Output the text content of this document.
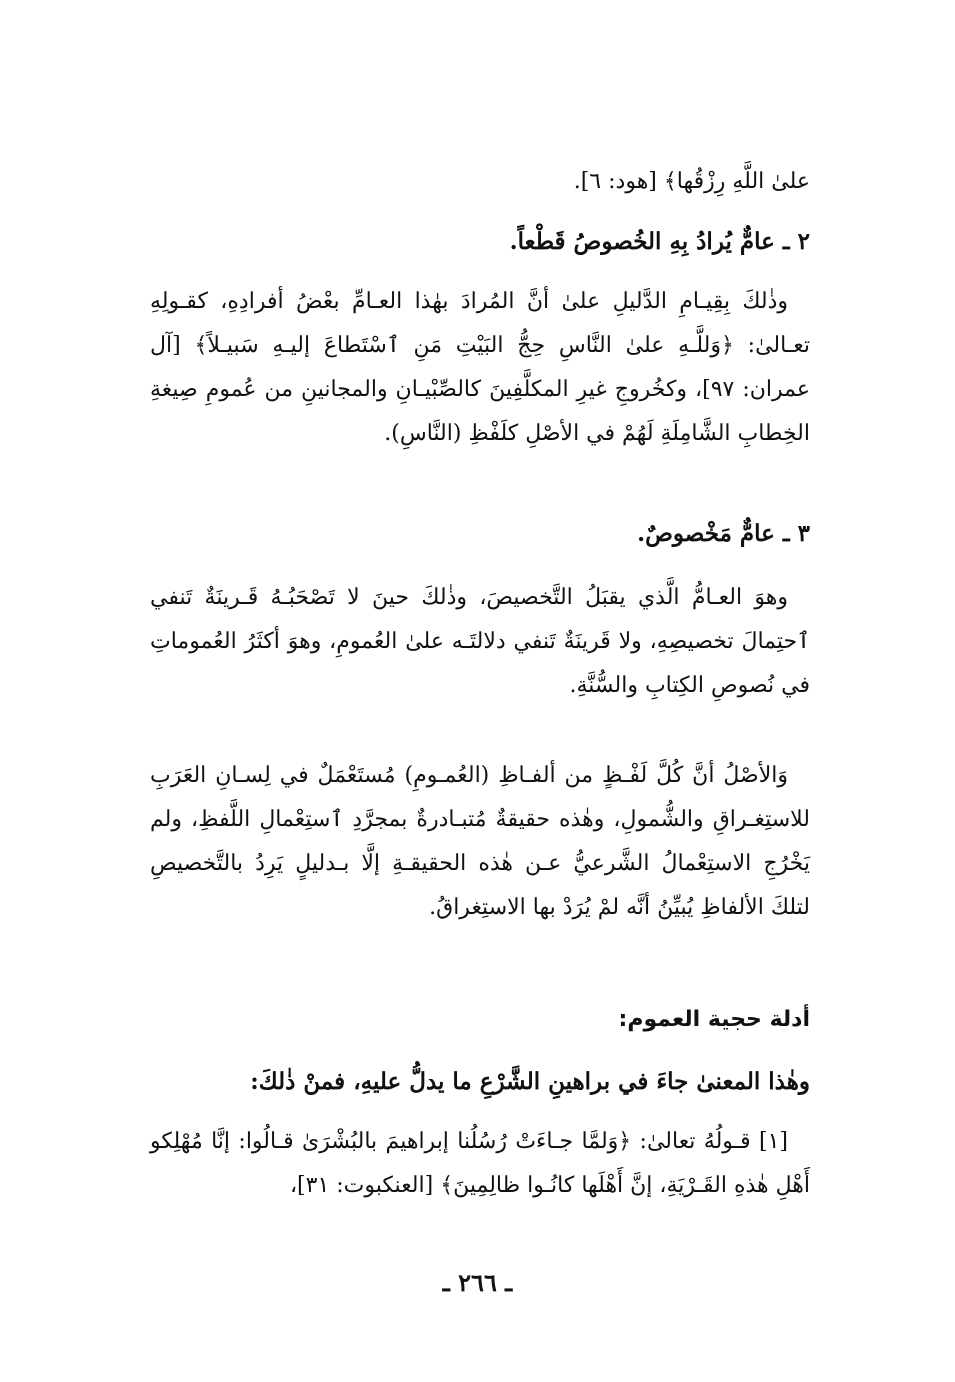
علىٰ اللَّهِ رِزْقُها﴾ [هود: ٦].

٢ ـ عامٌّ يُرادُ بِهِ الخُصوصُ قَطْعاً.

وذٰلكَ بِقِيـامِ الدَّليلِ علىٰ أنَّ المُرادَ بهٰذا العـامِّ بعْضُ أفرادِهِ، كقـولِهِ تعـالىٰ: ﴿وَللَّـهِ علىٰ النَّاسِ حِجُّ البَيْتِ مَنِ ٱسْتَطاعَ إليـهِ سَبيـلاً﴾ [آل عمران: ٩٧]، وكخُروجِ غيرِ المكلَّفِينَ كالصِّبْيـانِ والمجانينِ من عُمومِ صِيغةِ الخِطابِ الشَّامِلَةِ لَهُمْ في الأصْلِ كلَفْظِ (النَّاسِ).

٣ ـ عامٌّ مَخْصوصٌ.

وهوَ العـامُّ الَّذي يقبَلُ التَّخصيصَ، وذٰلكَ حينَ لا تَصْحَبُـهُ قَـرينَةٌ تَنفي ٱحتِمالَ تخصيصِهِ، ولا قَرينَةٌ تَنفي دلالتَـه علىٰ العُمومِ، وهوَ أكثَرُ العُموماتِ في نُصوصِ الكِتابِ والسُّنَّةِ.

وَالأصْلُ أنَّ كُلَّ لَفْـظٍ من ألفـاظِ (العُمـومِ) مُستَعْمَلٌ في لِسـانِ العَرَبِ للاستِغـراقِ والشُّمولِ، وهٰذه حقيقةٌ مُتبـادرةٌ بمجرَّدِ ٱستِعْمالِ اللَّفظِ، ولم يَخْرُجِ الاستِعْمالُ الشَّرعيُّ عـن هٰذه الحقيقـةِ إلَّا بـدليلٍ يَرِدُ بالتَّخصيصِ لتلكَ الألفاظِ يُبيِّنُ أنَّه لمْ يُرَدْ بها الاستِغراقُ.

أدلة حجية العموم:

وهٰذا المعنىٰ جاءَ في براهينِ الشَّرْعِ ما يدلُّ عليهِ، فمنْ ذٰلكَ:

[١] قـولُهُ تعالىٰ: ﴿وَلمَّا جـاءَتْ رُسُلُنا إبراهيمَ بالبُشْرَىٰ قـالُوا: إنَّا مُهْلِكو أَهْلِ هٰذهِ القَـرْيَةِ، إنَّ أَهْلَها كانُـوا ظالِمِينَ﴾ [العنكبوت: ٣١]،

ـ ٢٦٦ ـ
